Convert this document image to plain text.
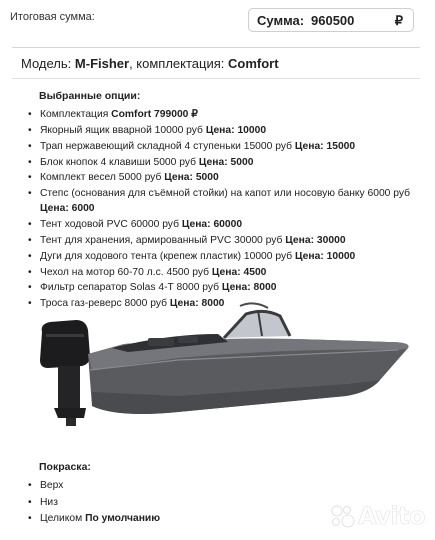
Итоговая сумма:	Сумма: 960500	₽
Модель: M-Fisher, комплектация: Comfort
Выбранные опции:
• Комплектация Comfort 799000 ₽
• Якорный ящик вварной 10000 руб Цена: 10000
• Трап нержавеющий складной 4 ступеньки 15000 руб Цена: 15000
• Блок кнопок 4 клавиши 5000 руб Цена: 5000
• Комплект весел 5000 руб Цена: 5000
• Степс (основания для съёмной стойки) на капот или носовую банку 6000 руб Цена: 6000
• Тент ходовой PVC 60000 руб Цена: 60000
• Тент для хранения, армированный PVC 30000 руб Цена: 30000
• Дуги для ходового тента (крепеж пластик) 10000 руб Цена: 10000
• Чехол на мотор 60-70 л.с. 4500 руб Цена: 4500
• Фильтр сепаратор Solas 4-T 8000 руб Цена: 8000
• Троса газ-реверс 8000 руб Цена: 8000
Покраска:
• Верх
• Низ
• Целиком По умолчанию	Avito
